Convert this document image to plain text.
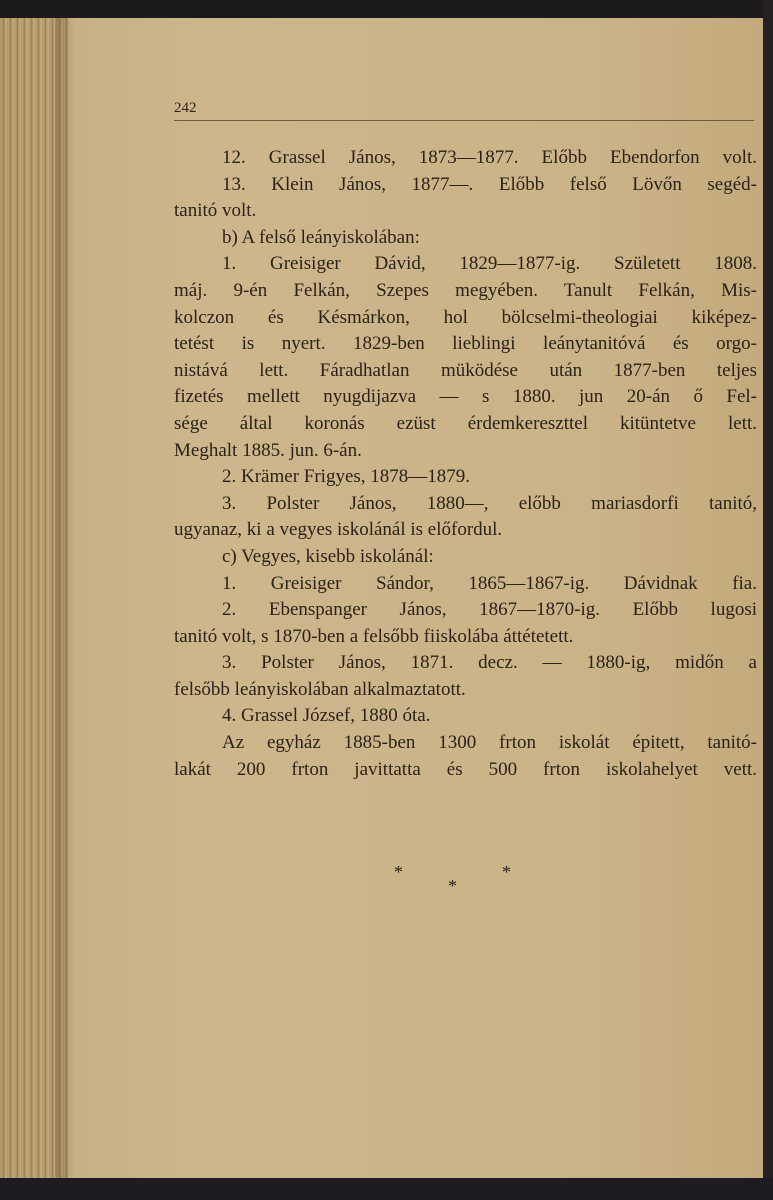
242
12. Grassel János, 1873—1877. Előbb Ebendorfon volt.
13. Klein János, 1877—. Előbb felső Lövőn segéd-
tanitó volt.
b) A felső leányiskolában:
1. Greisiger Dávid, 1829—1877-ig. Született 1808.
máj. 9-én Felkán, Szepes megyében. Tanult Felkán, Mis-
kolczon és Késmárkon, hol bölcselmi-theologiai kiképez-
tetést is nyert. 1829-ben lieblingi leánytanitóvá és orgo-
nistává lett. Fáradhatlan müködése után 1877-ben teljes
fizetés mellett nyugdijazva — s 1880. jun 20-án ő Fel-
sége által koronás ezüst érdemkereszttel kitüntetve lett.
Meghalt 1885. jun. 6-án.
2. Krämer Frigyes, 1878—1879.
3. Polster János, 1880—, előbb mariasdorfi tanitó,
ugyanaz, ki a vegyes iskolánál is előfordul.
c) Vegyes, kisebb iskolánál:
1. Greisiger Sándor, 1865—1867-ig. Dávidnak fia.
2. Ebenspanger János, 1867—1870-ig. Előbb lugosi
tanitó volt, s 1870-ben a felsőbb fiiskolába áttétetett.
3. Polster János, 1871. decz. — 1880-ig, midőn a
felsőbb leányiskolában alkalmaztatott.
4. Grassel József, 1880 óta.
Az egyház 1885-ben 1300 frton iskolát épitett, tanitó-
lakát 200 frton javittatta és 500 frton iskolahelyet vett.
*	*
*
